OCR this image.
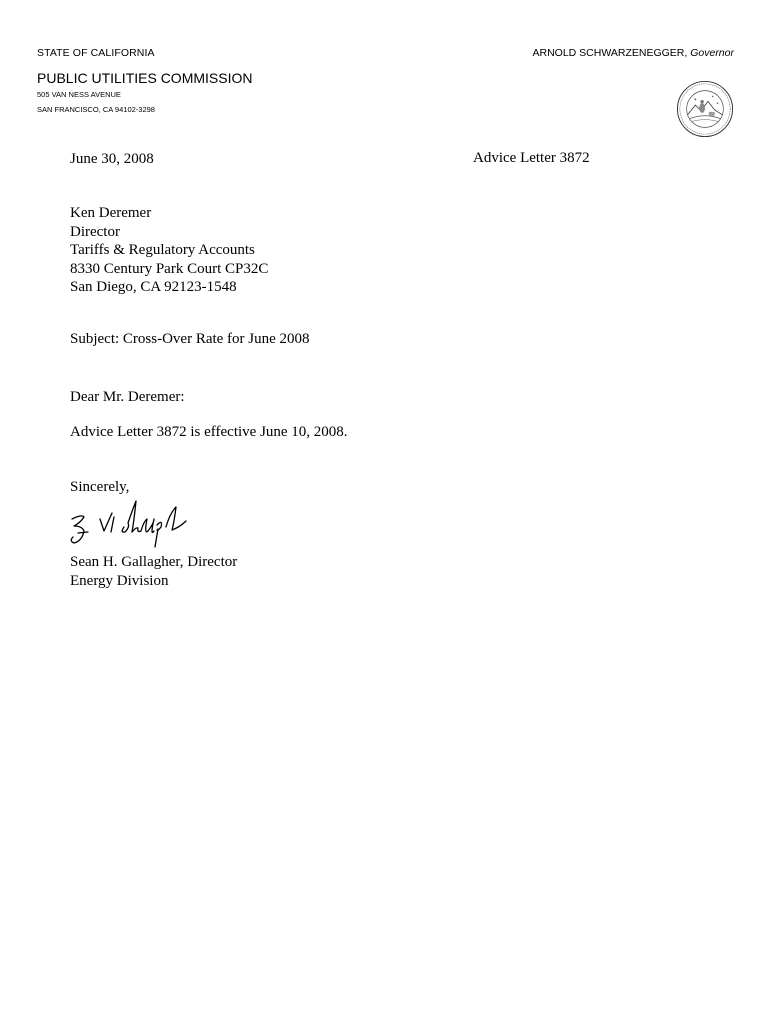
STATE OF CALIFORNIA	ARNOLD SCHWARZENEGGER, Governor
PUBLIC UTILITIES COMMISSION
505 VAN NESS AVENUE
SAN FRANCISCO, CA 94102-3298
June 30, 2008	Advice Letter 3872
Ken Deremer
Director
Tariffs & Regulatory Accounts
8330 Century Park Court CP32C
San Diego, CA 92123-1548
Subject: Cross-Over Rate for June 2008
Dear Mr. Deremer:
Advice Letter 3872 is effective June 10, 2008.
Sincerely,
Sean H. Gallagher, Director
Energy Division
